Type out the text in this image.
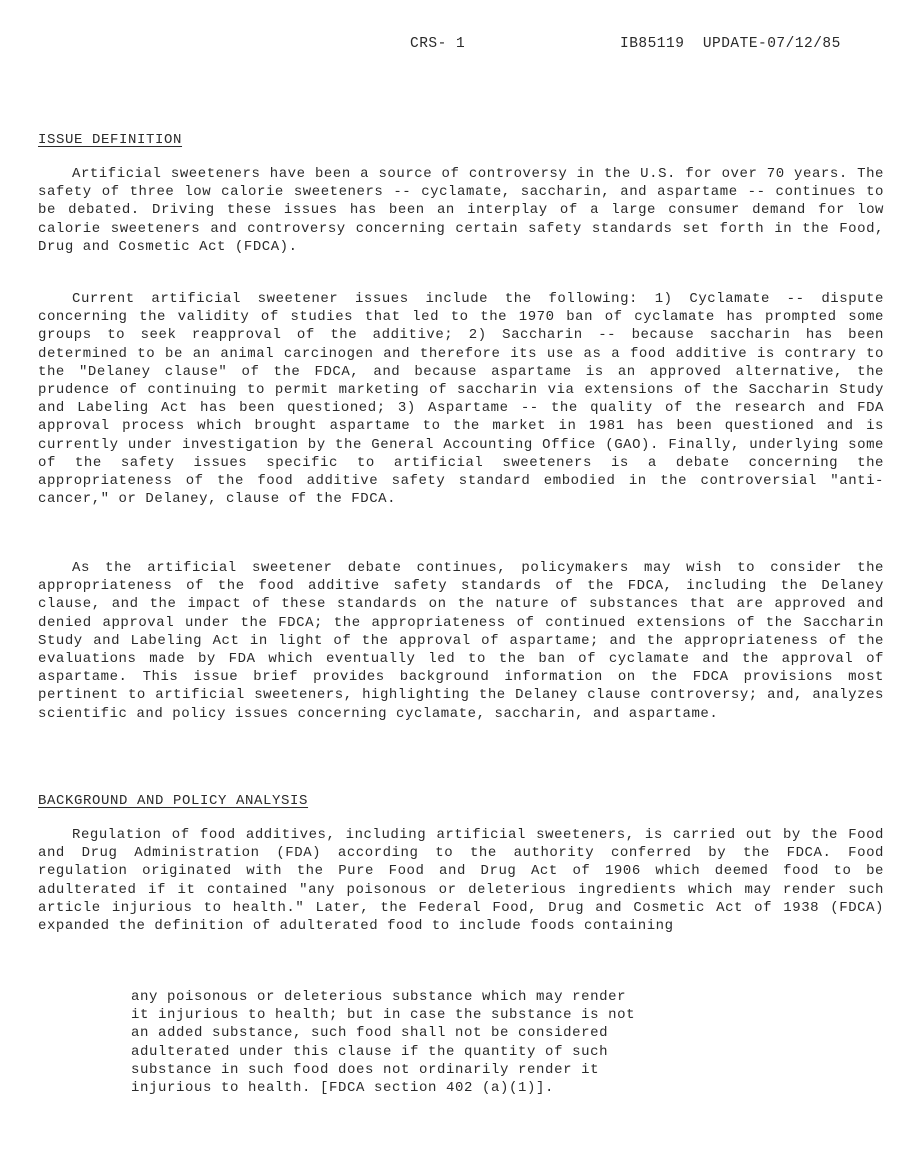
CRS- 1	IB85119  UPDATE-07/12/85
ISSUE DEFINITION

Artificial sweeteners have been a source of controversy in the U.S. for over 70 years. The safety of three low calorie sweeteners -- cyclamate, saccharin, and aspartame -- continues to be debated. Driving these issues has been an interplay of a large consumer demand for low calorie sweeteners and controversy concerning certain safety standards set forth in the Food, Drug and Cosmetic Act (FDCA).

Current artificial sweetener issues include the following: 1) Cyclamate -- dispute concerning the validity of studies that led to the 1970 ban of cyclamate has prompted some groups to seek reapproval of the additive; 2) Saccharin -- because saccharin has been determined to be an animal carcinogen and therefore its use as a food additive is contrary to the "Delaney clause" of the FDCA, and because aspartame is an approved alternative, the prudence of continuing to permit marketing of saccharin via extensions of the Saccharin Study and Labeling Act has been questioned; 3) Aspartame -- the quality of the research and FDA approval process which brought aspartame to the market in 1981 has been questioned and is currently under investigation by the General Accounting Office (GAO). Finally, underlying some of the safety issues specific to artificial sweeteners is a debate concerning the appropriateness of the food additive safety standard embodied in the controversial "anti-cancer," or Delaney, clause of the FDCA.

As the artificial sweetener debate continues, policymakers may wish to consider the appropriateness of the food additive safety standards of the FDCA, including the Delaney clause, and the impact of these standards on the nature of substances that are approved and denied approval under the FDCA; the appropriateness of continued extensions of the Saccharin Study and Labeling Act in light of the approval of aspartame; and the appropriateness of the evaluations made by FDA which eventually led to the ban of cyclamate and the approval of aspartame. This issue brief provides background information on the FDCA provisions most pertinent to artificial sweeteners, highlighting the Delaney clause controversy; and, analyzes scientific and policy issues concerning cyclamate, saccharin, and aspartame.

BACKGROUND AND POLICY ANALYSIS

Regulation of food additives, including artificial sweeteners, is carried out by the Food and Drug Administration (FDA) according to the authority conferred by the FDCA. Food regulation originated with the Pure Food and Drug Act of 1906 which deemed food to be adulterated if it contained "any poisonous or deleterious ingredients which may render such article injurious to health." Later, the Federal Food, Drug and Cosmetic Act of 1938 (FDCA) expanded the definition of adulterated food to include foods containing

any poisonous or deleterious substance which may render
it injurious to health; but in case the substance is not
an added substance, such food shall not be considered
adulterated under this clause if the quantity of such
substance in such food does not ordinarily render it
injurious to health. [FDCA section 402 (a)(1)].
